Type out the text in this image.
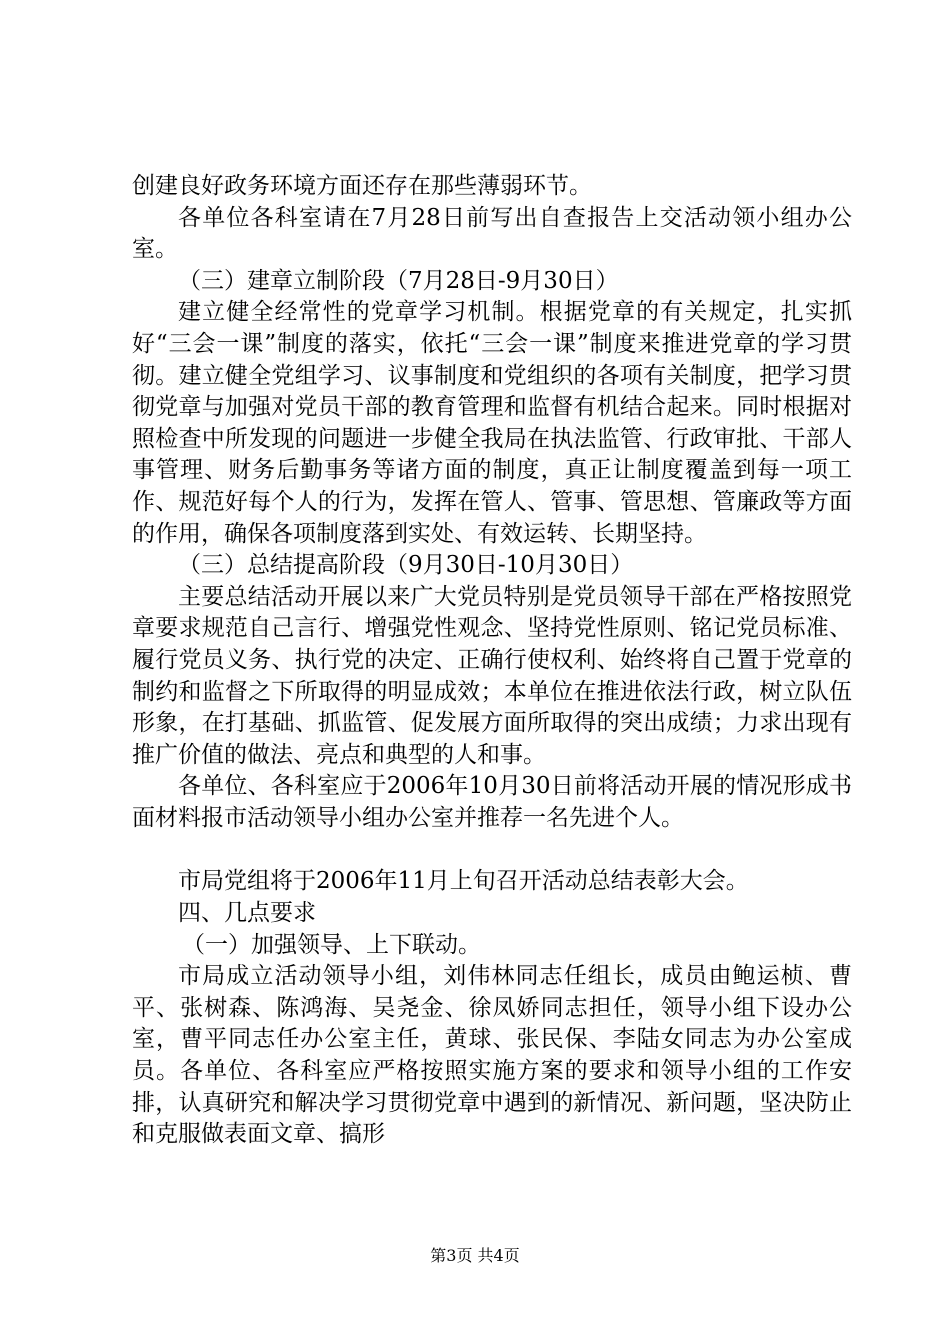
创建良好政务环境方面还存在那些薄弱环节。

各单位各科室请在7月28日前写出自查报告上交活动领小组办公室。

（三）建章立制阶段（7月28日-9月30日）

建立健全经常性的党章学习机制。根据党章的有关规定，扎实抓好“三会一课”制度的落实，依托“三会一课”制度来推进党章的学习贯彻。建立健全党组学习、议事制度和党组织的各项有关制度，把学习贯彻党章与加强对党员干部的教育管理和监督有机结合起来。同时根据对照检查中所发现的问题进一步健全我局在执法监管、行政审批、干部人事管理、财务后勤事务等诸方面的制度，真正让制度覆盖到每一项工作、规范好每个人的行为，发挥在管人、管事、管思想、管廉政等方面的作用，确保各项制度落到实处、有效运转、长期坚持。

（三）总结提高阶段（9月30日-10月30日）

主要总结活动开展以来广大党员特别是党员领导干部在严格按照党章要求规范自己言行、增强党性观念、坚持党性原则、铭记党员标准、履行党员义务、执行党的决定、正确行使权利、始终将自己置于党章的制约和监督之下所取得的明显成效；本单位在推进依法行政，树立队伍形象，在打基础、抓监管、促发展方面所取得的突出成绩；力求出现有推广价值的做法、亮点和典型的人和事。

各单位、各科室应于2006年10月30日前将活动开展的情况形成书面材料报市活动领导小组办公室并推荐一名先进个人。

市局党组将于2006年11月上旬召开活动总结表彰大会。

四、几点要求

（一）加强领导、上下联动。

市局成立活动领导小组，刘伟林同志任组长，成员由鲍运桢、曹平、张树森、陈鸿海、吴尧金、徐凤娇同志担任，领导小组下设办公室，曹平同志任办公室主任，黄球、张民保、李陆女同志为办公室成员。各单位、各科室应严格按照实施方案的要求和领导小组的工作安排，认真研究和解决学习贯彻党章中遇到的新情况、新问题，坚决防止和克服做表面文章、搞形

第3页 共4页
